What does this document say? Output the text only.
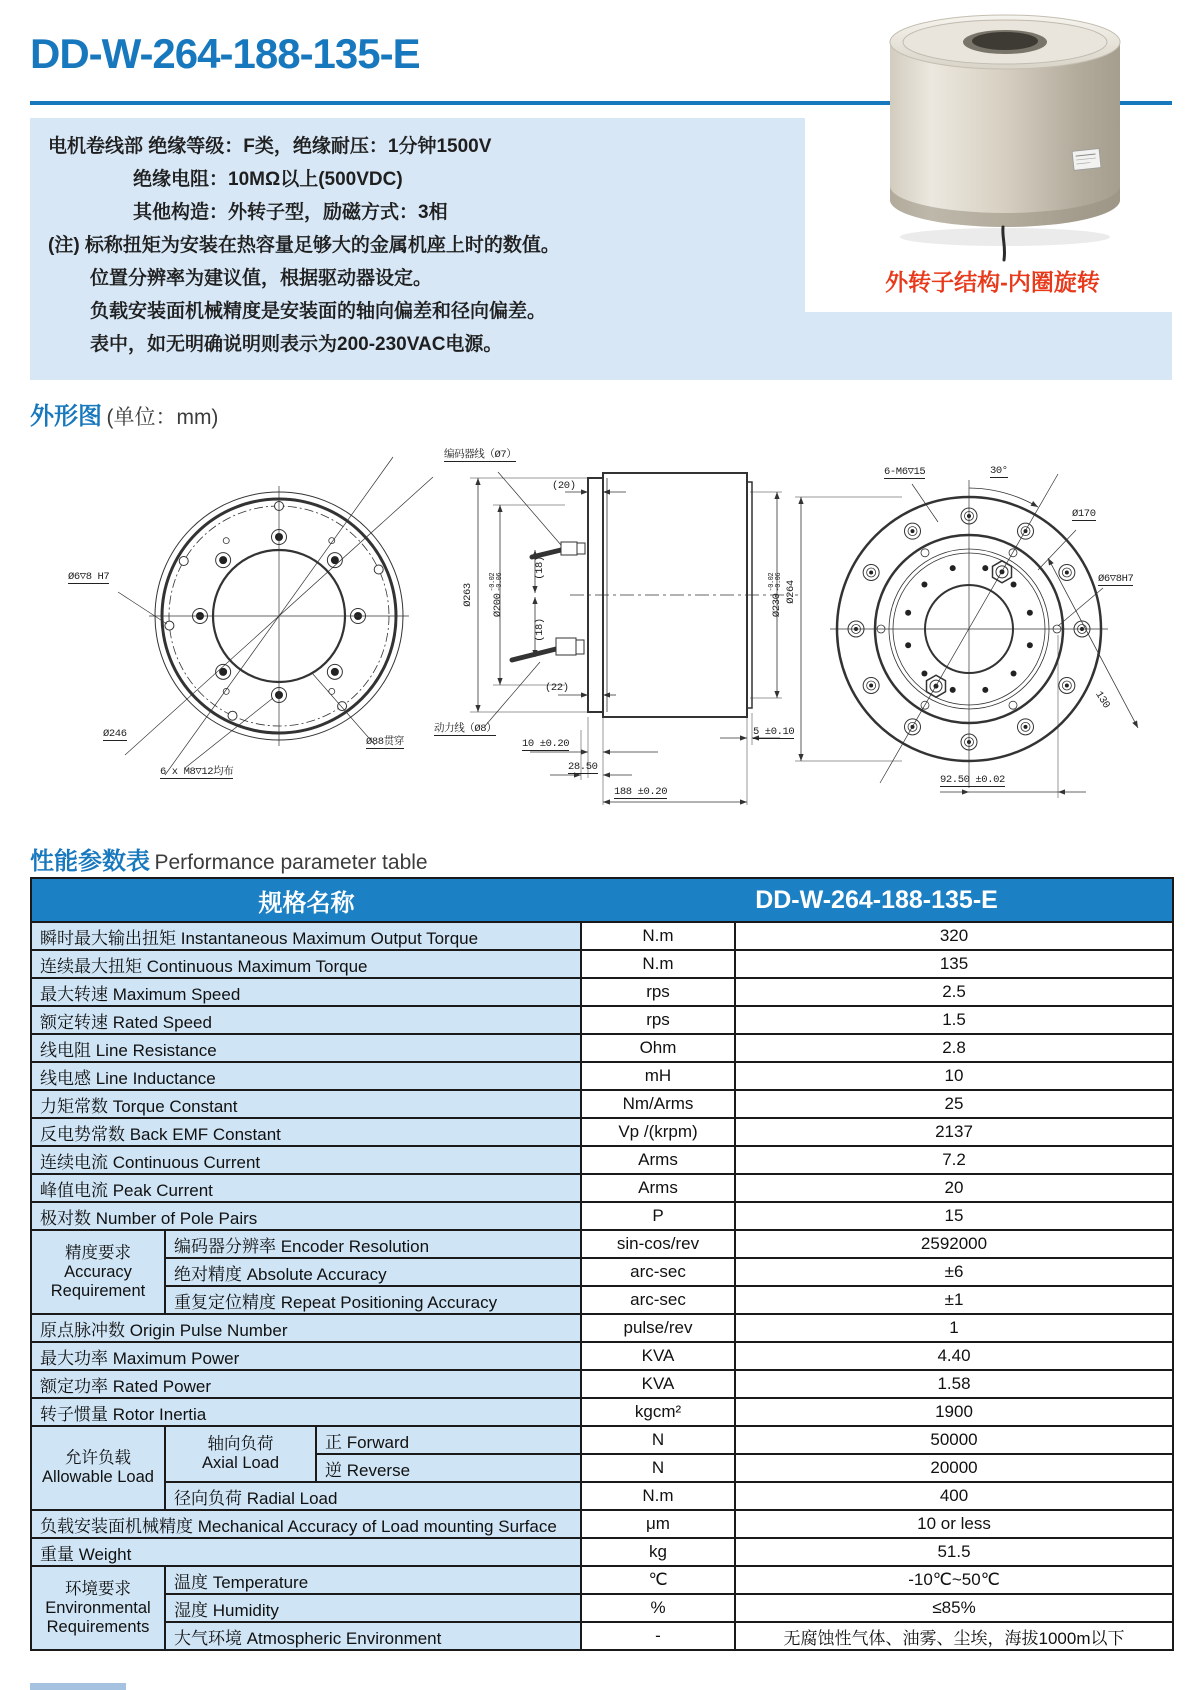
DD-W-264-188-135-E
电机卷线部 绝缘等级：F类，绝缘耐压：1分钟1500V
绝缘电阻：10MΩ以上(500VDC)
其他构造：外转子型，励磁方式：3相
(注) 标称扭矩为安装在热容量足够大的金属机座上时的数值。
位置分辨率为建议值，根据驱动器设定。
负载安装面机械精度是安装面的轴向偏差和径向偏差。
表中，如无明确说明则表示为200-230VAC电源。
外转子结构-内圈旋转
外形图 (单位：mm)
Ø6▽8 H7
Ø246
Ø88贯穿
6 x M8▽12均布
编码器线（Ø7）
动力线（Ø8）
Ø263 Ø200
-0.02 -0.06
(18)
(18)
(20)
(22)
10 ±0.20
28.50
188 ±0.20
5 ±0.10
Ø230
-0.02 -0.06
6-M6▽15	30°
Ø170
Ø6▽8H7
130
Ø264
92.50 ±0.02
性能参数表 Performance parameter table
规格名称			DD-W-264-188-135-E	
瞬时最大输出扭矩 Instantaneous Maximum Output Torque			N.m	320
连续最大扭矩 Continuous Maximum Torque			N.m	135
最大转速 Maximum Speed			rps	2.5
额定转速 Rated Speed			rps	1.5
线电阻 Line Resistance			Ohm	2.8
线电感 Line Inductance			mH	10
力矩常数 Torque Constant			Nm/Arms	25
反电势常数 Back EMF Constant			Vp /(krpm)	2137
连续电流 Continuous Current			Arms	7.2
峰值电流 Peak Current			Arms	20
极对数 Number of Pole Pairs			P	15

精度要求
Accuracy Requirement	编码器分辨率 Encoder Resolution		sin-cos/rev	2592000
	绝对精度 Absolute Accuracy		arc-sec	±6
	重复定位精度 Repeat Positioning Accuracy		arc-sec	±1
原点脉冲数 Origin Pulse Number			pulse/rev	1
最大功率 Maximum Power			KVA	4.40
额定功率 Rated Power			KVA	1.58
转子惯量 Rotor Inertia			kgcm²	1900

允许负载
Allowable Load

轴向负荷
Axial Load
	正 Forward	N	50000
		逆 Reverse	N	20000
	径向负荷 Radial Load		N.m	400
负载安装面机械精度 Mechanical Accuracy of Load mounting Surface			μm	10 or less
重量 Weight			kg	51.5

环境要求
Environmental Requirements	温度 Temperature		℃	-10℃~50℃
	湿度 Humidity		%	≤85%
	大气环境 Atmospheric Environment		-	无腐蚀性气体、油雾、尘埃，海拔1000m以下
